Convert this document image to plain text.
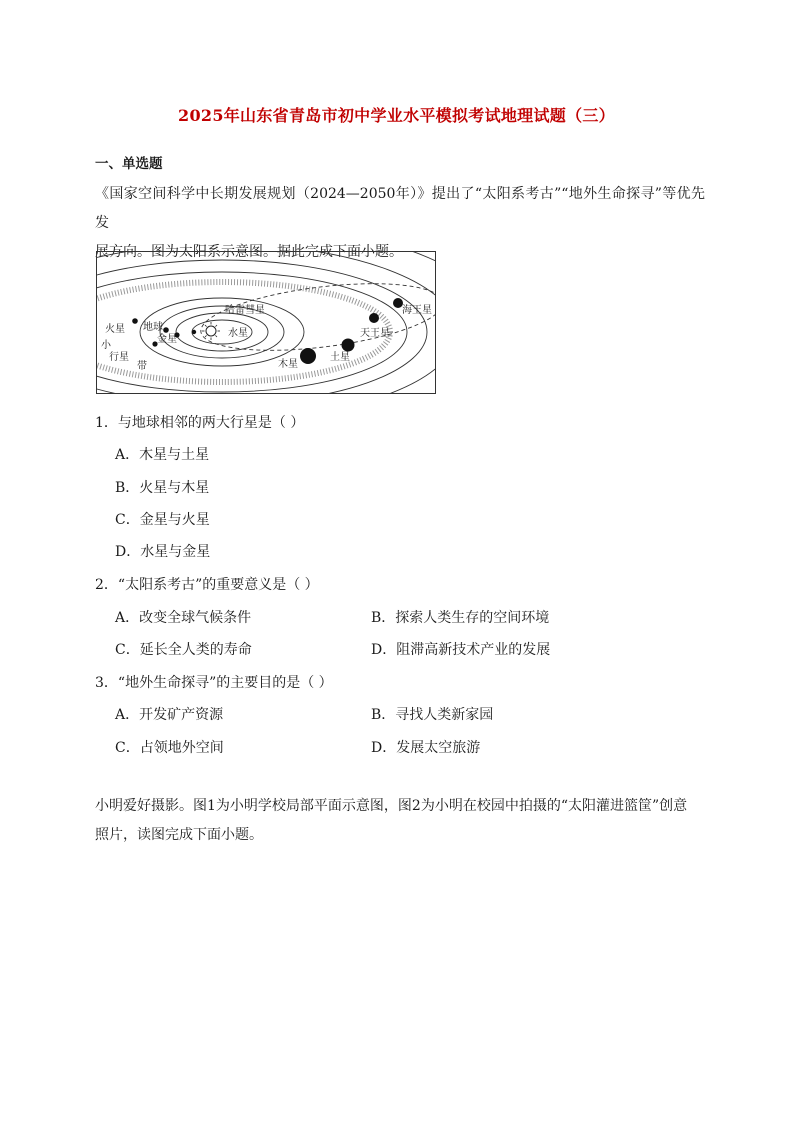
2025年山东省青岛市初中学业水平模拟考试地理试题（三）
一、单选题
《国家空间科学中长期发展规划（2024—2050年）》提出了“太阳系考古”“地外生命探寻”等优先发
展方向。图为太阳系示意图。据此完成下面小题。
哈雷彗星
水星
金星
地球
火星
小
行星
带	木星
土星
天王星
海王星
1．与地球相邻的两大行星是（ ）
A．木星与土星
B．火星与木星
C．金星与火星
D．水星与金星
2．“太阳系考古”的重要意义是（ ）
A．改变全球气候条件	B．探索人类生存的空间环境
C．延长全人类的寿命	D．阻滞高新技术产业的发展
3．“地外生命探寻”的主要目的是（ ）
A．开发矿产资源	B．寻找人类新家园
C．占领地外空间	D．发展太空旅游
小明爱好摄影。图1为小明学校局部平面示意图，图2为小明在校园中拍摄的“太阳灌进篮筐”创意
照片，读图完成下面小题。
